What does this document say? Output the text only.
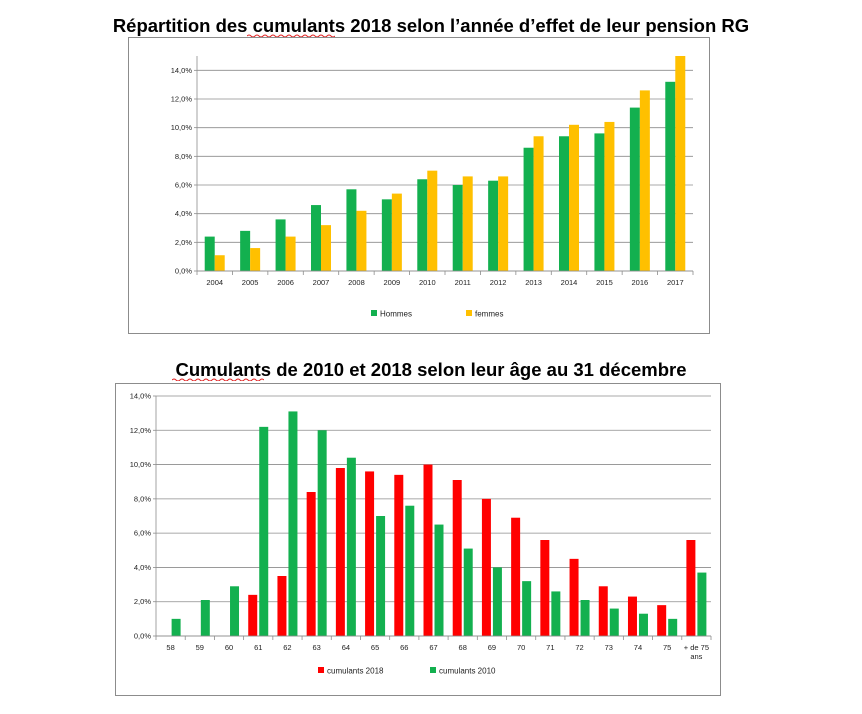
Répartition des cumulants 2018 selon l’année d’effet de leur pension RG
Cumulants de 2010 et 2018 selon leur âge au 31 décembre
0,0%
2,0%
4,0%
6,0%
8,0%
10,0%
12,0%
14,0%
2004 2005 2006 2007 2008 2009 2010	2011	2012 2013 2014 2015 2016 2017
Hommes	femmes
0,0%
2,0%
4,0%
6,0%
8,0%
10,0%
12,0%
14,0%
58	59	60	61	62	63	64	65	66	67	68	69	70	71	72	73	74	75 + de 75 ans
cumulants 2018	cumulants 2010
